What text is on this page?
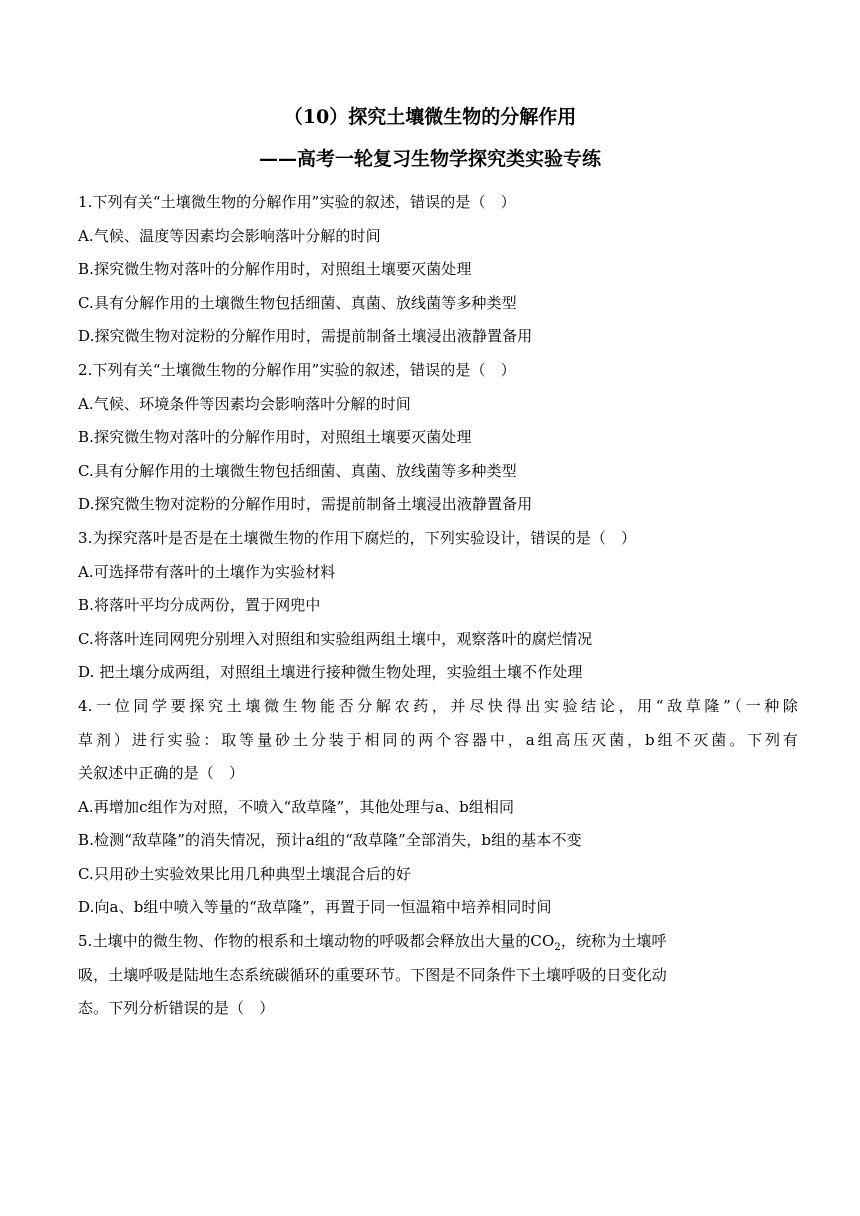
（10）探究土壤微生物的分解作用
——高考一轮复习生物学探究类实验专练
1.下列有关“土壤微生物的分解作用”实验的叙述，错误的是（　）
A.气候、温度等因素均会影响落叶分解的时间
B.探究微生物对落叶的分解作用时，对照组土壤要灭菌处理
C.具有分解作用的土壤微生物包括细菌、真菌、放线菌等多种类型
D.探究微生物对淀粉的分解作用时，需提前制备土壤浸出液静置备用
2.下列有关“土壤微生物的分解作用”实验的叙述，错误的是（　）
A.气候、环境条件等因素均会影响落叶分解的时间
B.探究微生物对落叶的分解作用时，对照组土壤要灭菌处理
C.具有分解作用的土壤微生物包括细菌、真菌、放线菌等多种类型
D.探究微生物对淀粉的分解作用时，需提前制备土壤浸出液静置备用
3.为探究落叶是否是在土壤微生物的作用下腐烂的，下列实验设计，错误的是（　）
A.可选择带有落叶的土壤作为实验材料
B.将落叶平均分成两份，置于网兜中
C.将落叶连同网兜分别埋入对照组和实验组两组土壤中，观察落叶的腐烂情况
D. 把土壤分成两组，对照组土壤进行接种微生物处理，实验组土壤不作处理
4.一位同学要探究土壤微生物能否分解农药，并尽快得出实验结论，用“敌草隆”（一种除
草剂）进行实验：取等量砂土分装于相同的两个容器中，a组高压灭菌，b组不灭菌。下列有
关叙述中正确的是（　）
A.再增加c组作为对照，不喷入“敌草隆”，其他处理与a、b组相同
B.检测“敌草隆”的消失情况，预计a组的“敌草隆”全部消失，b组的基本不变
C.只用砂土实验效果比用几种典型土壤混合后的好
D.向a、b组中喷入等量的“敌草隆”，再置于同一恒温箱中培养相同时间
5.土壤中的微生物、作物的根系和土壤动物的呼吸都会释放出大量的$CO_2$，统称为土壤呼
吸，土壤呼吸是陆地生态系统碳循环的重要环节。下图是不同条件下土壤呼吸的日变化动
态。下列分析错误的是（　）
